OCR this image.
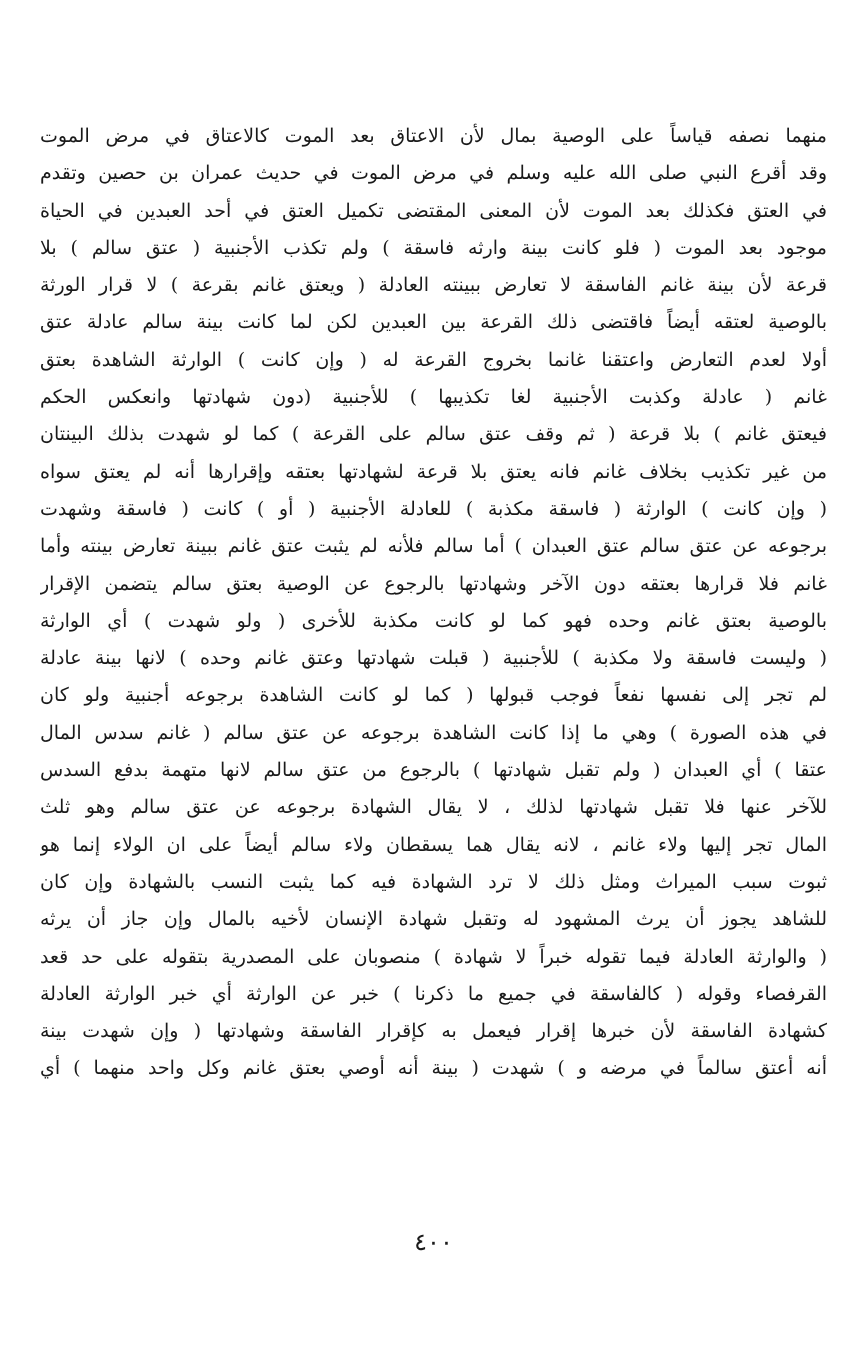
منهما نصفه قياساً على الوصية بمال لأن الاعتاق بعد الموت كالاعتاق في مرض الموت
وقد أقرع النبي صلى الله عليه وسلم في مرض الموت في حديث عمران بن حصين وتقدم
في العتق فكذلك بعد الموت لأن المعنى المقتضى تكميل العتق في أحد العبدين في الحياة
موجود بعد الموت ( فلو كانت بينة وارثه فاسقة ) ولم تكذب الأجنبية ( عتق سالم ) بلا
قرعة لأن بينة غانم الفاسقة لا تعارض ببينته العادلة ( ويعتق غانم بقرعة ) لا قرار الورثة
بالوصية لعتقه أيضاً فاقتضى ذلك القرعة بين العبدين لكن لما كانت بينة سالم عادلة عتق
أولا لعدم التعارض واعتقنا غانما بخروج القرعة له ( وإن كانت ) الوارثة الشاهدة بعتق
غانم ( عادلة وكذبت الأجنبية لغا تكذيبها ) للأجنبية (دون شهادتها وانعكس الحكم
فيعتق غانم ) بلا قرعة ( ثم وقف عتق سالم على القرعة ) كما لو شهدت بذلك البينتان
من غير تكذيب بخلاف غانم فانه يعتق بلا قرعة لشهادتها بعتقه وإقرارها أنه لم يعتق سواه
( وإن كانت ) الوارثة ( فاسقة مكذبة ) للعادلة الأجنبية ( أو ) كانت ( فاسقة وشهدت
برجوعه عن عتق سالم عتق العبدان ) أما سالم فلأنه لم يثبت عتق غانم ببينة تعارض بينته وأما
غانم فلا قرارها بعتقه دون الآخر وشهادتها بالرجوع عن الوصية بعتق سالم يتضمن الإقرار
بالوصية بعتق غانم وحده فهو كما لو كانت مكذبة للأخرى ( ولو شهدت ) أي الوارثة
( وليست فاسقة ولا مكذبة ) للأجنبية ( قبلت شهادتها وعتق غانم وحده ) لانها بينة عادلة
لم تجر إلى نفسها نفعاً فوجب قبولها ( كما لو كانت الشاهدة برجوعه أجنبية ولو كان
في هذه الصورة ) وهي ما إذا كانت الشاهدة برجوعه عن عتق سالم ( غانم سدس المال
عتقا ) أي العبدان ( ولم تقبل شهادتها ) بالرجوع من عتق سالم لانها متهمة بدفع السدس
للآخر عنها فلا تقبل شهادتها لذلك ، لا يقال الشهادة برجوعه عن عتق سالم وهو ثلث
المال تجر إليها ولاء غانم ، لانه يقال هما يسقطان ولاء سالم أيضاً على ان الولاء إنما هو
ثبوت سبب الميراث ومثل ذلك لا ترد الشهادة فيه كما يثبت النسب بالشهادة وإن كان
للشاهد يجوز أن يرث المشهود له وتقبل شهادة الإنسان لأخيه بالمال وإن جاز أن يرثه
( والوارثة العادلة فيما تقوله خبراً لا شهادة ) منصوبان على المصدرية بتقوله على حد قعد
القرفصاء وقوله ( كالفاسقة في جميع ما ذكرنا ) خبر عن الوارثة أي خبر الوارثة العادلة
كشهادة الفاسقة لأن خبرها إقرار فيعمل به كإقرار الفاسقة وشهادتها ( وإن شهدت بينة
أنه أعتق سالماً في مرضه و ) شهدت ( بينة أنه أوصي بعتق غانم وكل واحد منهما ) أي
٤٠٠
